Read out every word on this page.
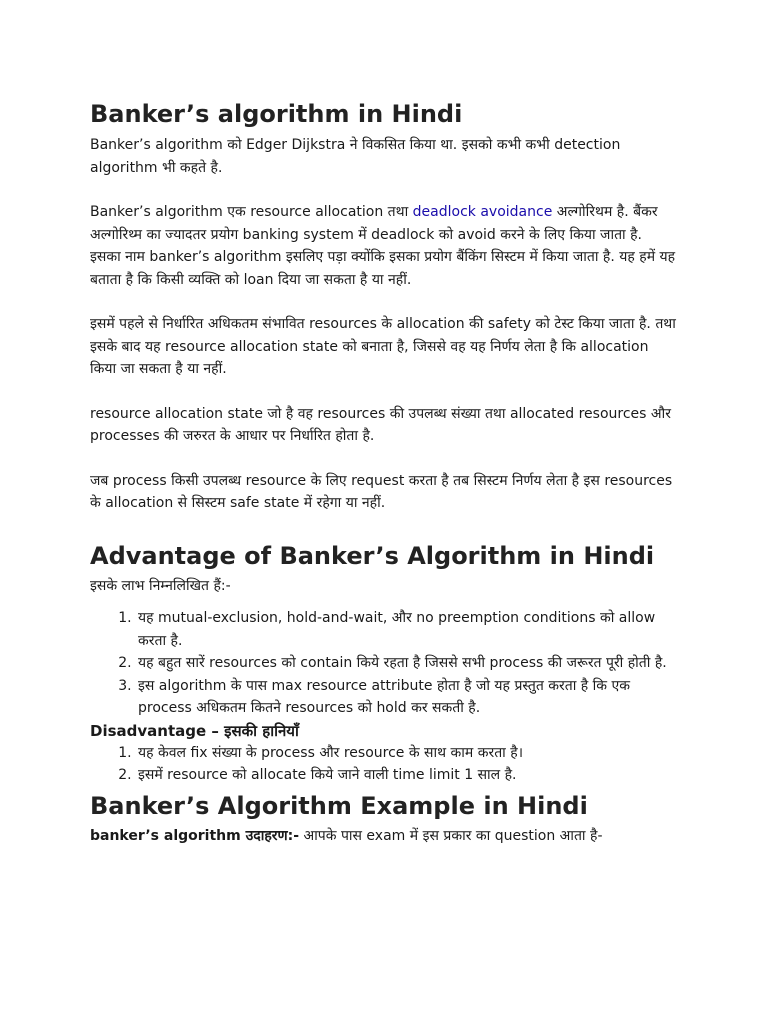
Banker’s algorithm in Hindi

Banker’s algorithm को Edger Dijkstra ने विकसित किया था. इसको कभी कभी detection algorithm भी कहते है.

Banker’s algorithm एक resource allocation तथा deadlock avoidance अल्गोरिथम है. बैंकर अल्गोरिथ्म का ज्यादतर प्रयोग banking system में deadlock को avoid करने के लिए किया जाता है.

इसका नाम banker’s algorithm इसलिए पड़ा क्योंकि इसका प्रयोग बैंकिंग सिस्टम में किया जाता है. यह हमें यह बताता है कि किसी व्यक्ति को loan दिया जा सकता है या नहीं.

इसमें पहले से निर्धारित अधिकतम संभावित resources के allocation की safety को टेस्ट किया जाता है. तथा इसके बाद यह resource allocation state को बनाता है, जिससे वह यह निर्णय लेता है कि allocation किया जा सकता है या नहीं.

resource allocation state जो है वह resources की उपलब्ध संख्या तथा allocated resources और processes की जरुरत के आधार पर निर्धारित होता है.

जब process किसी उपलब्ध resource के लिए request करता है तब सिस्टम निर्णय लेता है इस resources के allocation से सिस्टम safe state में रहेगा या नहीं.

Advantage of Banker’s Algorithm in Hindi

इसके लाभ निम्नलिखित हैं:-

1. यह mutual-exclusion, hold-and-wait, और no preemption conditions को allow करता है.
2. यह बहुत सारें resources को contain किये रहता है जिससे सभी process की जरूरत पूरी होती है.
3. इस algorithm के पास max resource attribute होता है जो यह प्रस्तुत करता है कि एक process अधिकतम कितने resources को hold कर सकती है.
Disadvantage – इसकी हानियाँ
1. यह केवल fix संख्या के process और resource के साथ काम करता है।
2. इसमें resource को allocate किये जाने वाली time limit 1 साल है.
Banker’s Algorithm Example in Hindi

banker’s algorithm उदाहरण:- आपके पास exam में इस प्रकार का question आता है-
